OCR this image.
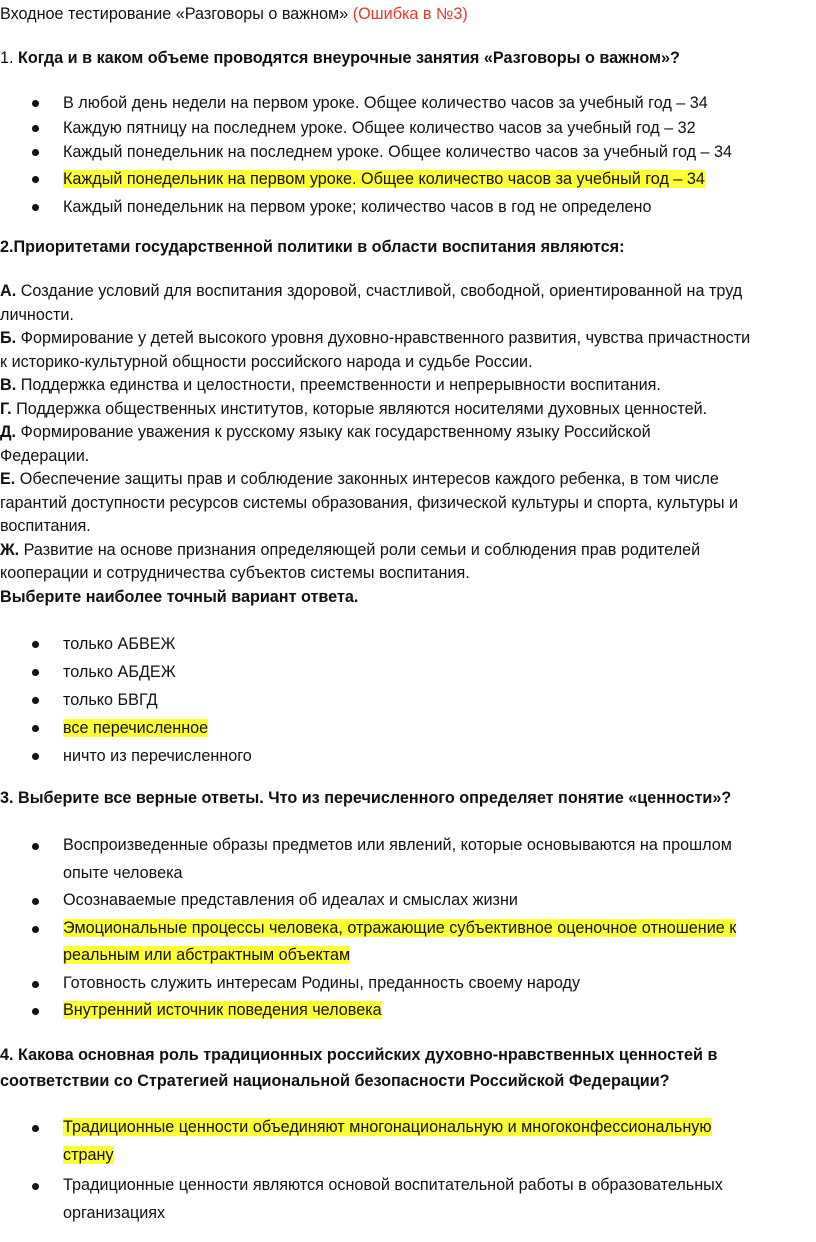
Входное тестирование «Разговоры о важном» (Ошибка в №3)
1. Когда и в каком объеме проводятся внеурочные занятия «Разговоры о важном»?
В любой день недели на первом уроке. Общее количество часов за учебный год – 34
Каждую пятницу на последнем уроке. Общее количество часов за учебный год – 32
Каждый понедельник на последнем уроке. Общее количество часов за учебный год – 34
Каждый понедельник на первом уроке. Общее количество часов за учебный год – 34
Каждый понедельник на первом уроке; количество часов в год не определено
2.Приоритетами государственной политики в области воспитания являются:
А. Создание условий для воспитания здоровой, счастливой, свободной, ориентированной на труд
личности.
Б. Формирование у детей высокого уровня духовно-нравственного развития, чувства причастности
к историко-культурной общности российского народа и судьбе России.
В. Поддержка единства и целостности, преемственности и непрерывности воспитания.
Г. Поддержка общественных институтов, которые являются носителями духовных ценностей.
Д. Формирование уважения к русскому языку как государственному языку Российской
Федерации.
Е. Обеспечение защиты прав и соблюдение законных интересов каждого ребенка, в том числе
гарантий доступности ресурсов системы образования, физической культуры и спорта, культуры и
воспитания.
Ж. Развитие на основе признания определяющей роли семьи и соблюдения прав родителей
кооперации и сотрудничества субъектов системы воспитания.
Выберите наиболее точный вариант ответа.
только АБВЕЖ
только АБДЕЖ
только БВГД
все перечисленное
ничто из перечисленного
3. Выберите все верные ответы. Что из перечисленного определяет понятие «ценности»?
Воспроизведенные образы предметов или явлений, которые основываются на прошлом
опыте человека
Осознаваемые представления об идеалах и смыслах жизни
Эмоциональные процессы человека, отражающие субъективное оценочное отношение к
реальным или абстрактным объектам
Готовность служить интересам Родины, преданность своему народу
Внутренний источник поведения человека
4. Какова основная роль традиционных российских духовно-нравственных ценностей в
соответствии со Стратегией национальной безопасности Российской Федерации?
Традиционные ценности объединяют многонациональную и многоконфессиональную
страну
Традиционные ценности являются основой воспитательной работы в образовательных
организациях
